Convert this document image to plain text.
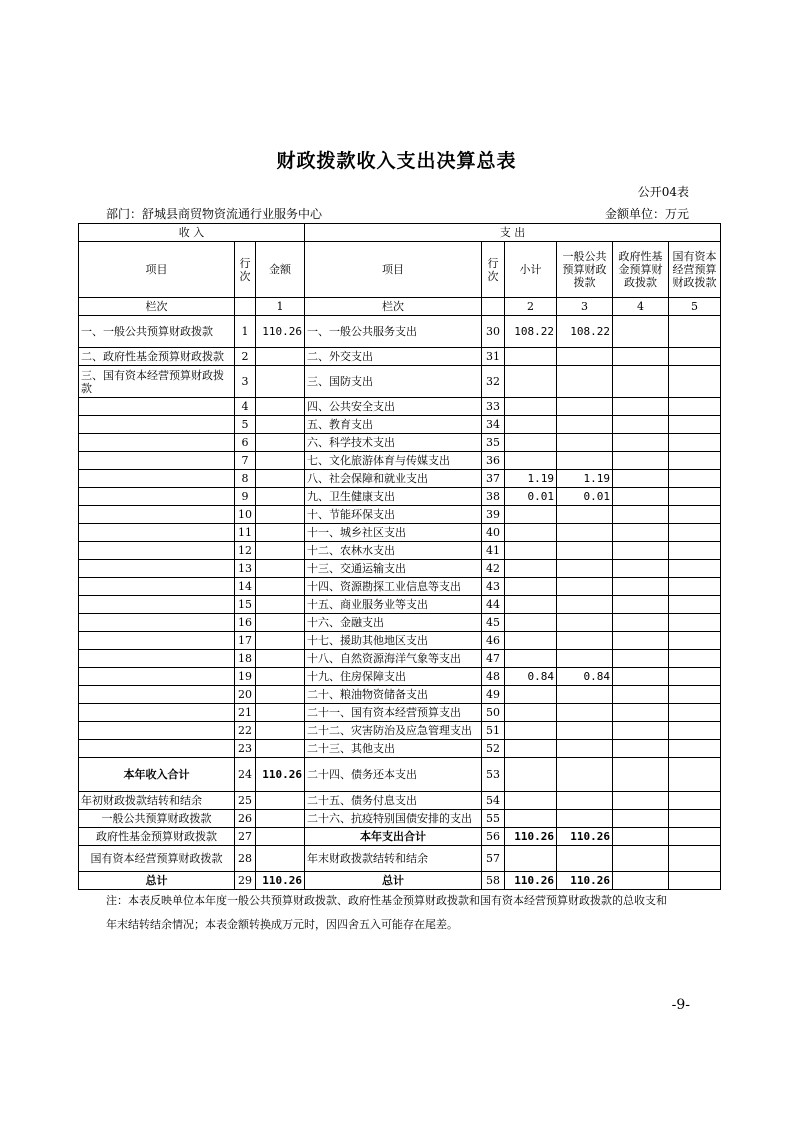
财政拨款收入支出决算总表
公开04表
部门：舒城县商贸物资流通行业服务中心	金额单位：万元
收 入			支 出					
项目	行次	金额	项目	行次	小计	一般公共预算财政拨款	政府性基金预算财政拨款	国有资本经营预算财政拨款
栏次		1	栏次		2	3	4	5
一、一般公共预算财政拨款	1	110.26	一、一般公共服务支出	30	108.22	108.22		
二、政府性基金预算财政拨款	2		二、外交支出	31				
三、国有资本经营预算财政拨款	3		三、国防支出	32				
	4		四、公共安全支出	33				
	5		五、教育支出	34				
	6		六、科学技术支出	35				
	7		七、文化旅游体育与传媒支出	36				
	8		八、社会保障和就业支出	37	1.19	1.19		
	9		九、卫生健康支出	38	0.01	0.01		
	10		十、节能环保支出	39				
	11		十一、城乡社区支出	40				
	12		十二、农林水支出	41				
	13		十三、交通运输支出	42				
	14		十四、资源勘探工业信息等支出	43				
	15		十五、商业服务业等支出	44				
	16		十六、金融支出	45				
	17		十七、援助其他地区支出	46				
	18		十八、自然资源海洋气象等支出	47				
	19		十九、住房保障支出	48	0.84	0.84		
	20		二十、粮油物资储备支出	49				
	21		二十一、国有资本经营预算支出	50				
	22		二十二、灾害防治及应急管理支出	51				
	23		二十三、其他支出	52				
本年收入合计	24	110.26	二十四、债务还本支出	53				
年初财政拨款结转和结余	25		二十五、债务付息支出	54				
一般公共预算财政拨款	26		二十六、抗疫特别国债安排的支出	55				
政府性基金预算财政拨款	27		本年支出合计	56	110.26	110.26		
国有资本经营预算财政拨款	28		年末财政拨款结转和结余	57				
总计	29	110.26	总计	58	110.26	110.26		
注：本表反映单位本年度一般公共预算财政拨款、政府性基金预算财政拨款和国有资本经营预算财政拨款的总收支和
年末结转结余情况；本表金额转换成万元时，因四舍五入可能存在尾差。
-9-
